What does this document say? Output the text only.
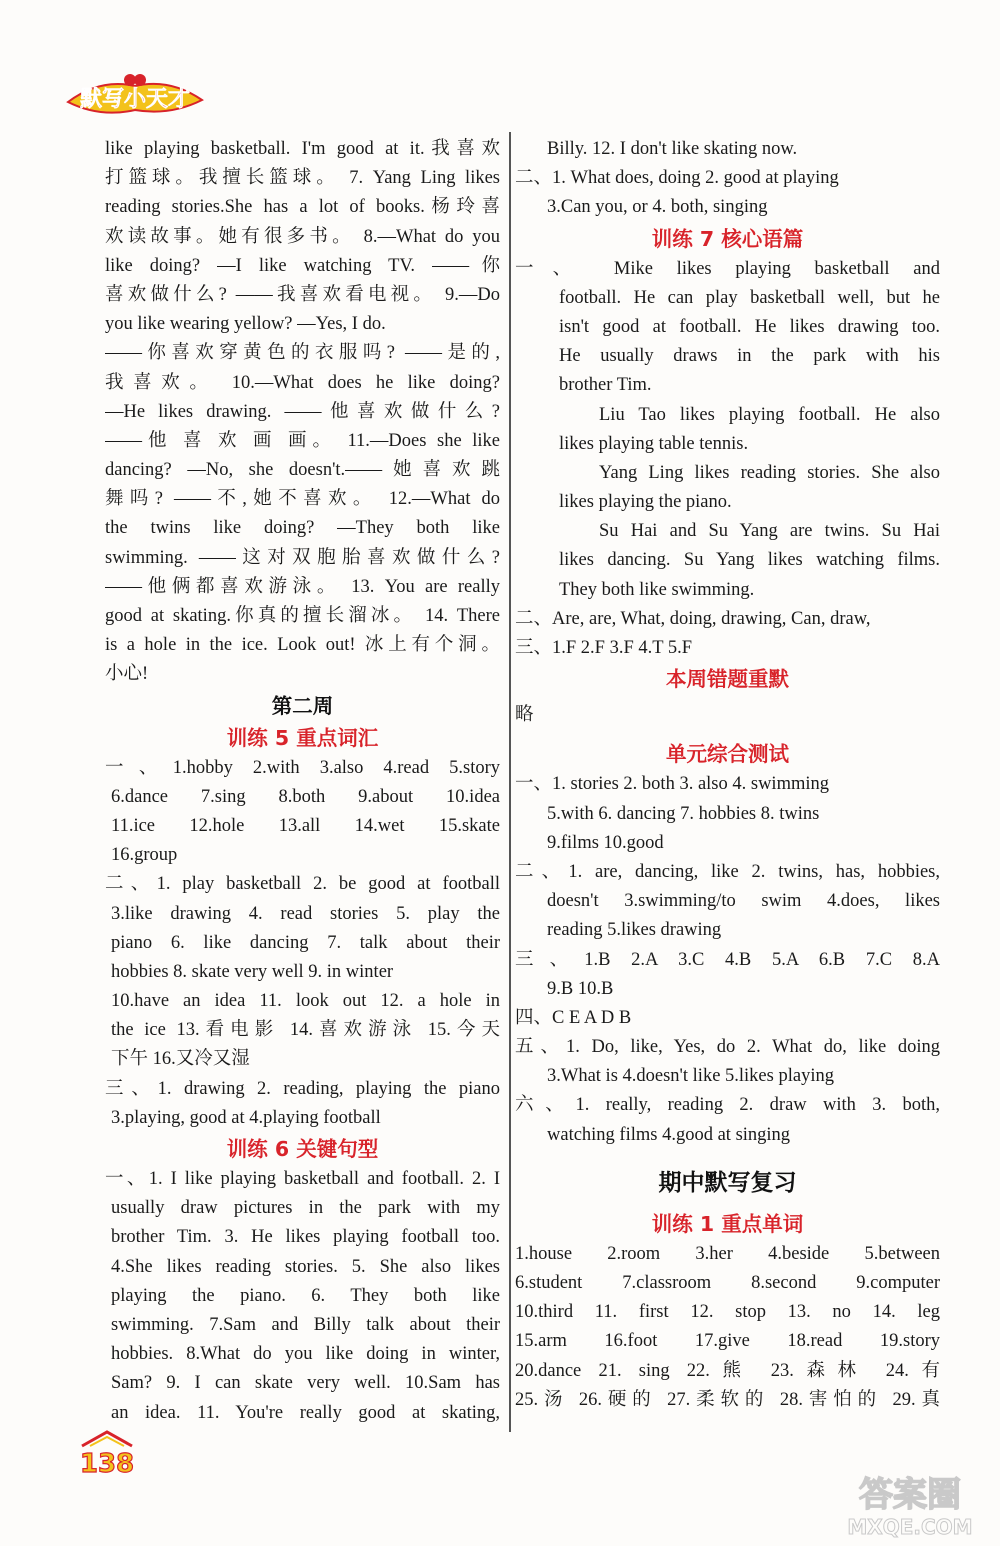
默写小天才
like playing basketball. I'm good at it.我喜欢
打篮球。我擅长篮球。 7. Yang Ling likes
reading stories.She has a lot of books.杨玲喜
欢读故事。她有很多书。 8.—What do you
like doing? —I like watching TV. ——你
喜欢做什么? ——我喜欢看电视。 9.—Do
you like wearing yellow? —Yes, I do.
——你喜欢穿黄色的衣服吗? ——是的,
我喜欢。 10.—What does he like doing?
—He likes drawing. ——他喜欢做什么?
——他 喜 欢 画 画。 11.—Does she like
dancing? —No, she doesn't.——她喜欢跳
舞吗? ——不,她不喜欢。 12.—What do
the twins like doing? —They both like
swimming. ——这对双胞胎喜欢做什么?
——他俩都喜欢游泳。 13. You are really
good at skating.你真的擅长溜冰。 14. There
is a hole in the ice. Look out! 冰上有个洞。
小心!
第二周
训练 5 重点词汇
一、1.hobby 2.with 3.also 4.read 5.story
6.dance 7.sing 8.both 9.about 10.idea
11.ice 12.hole 13.all 14.wet 15.skate
16.group
二、1. play basketball 2. be good at football
3.like drawing 4. read stories 5. play the
piano 6. like dancing 7. talk about their
hobbies 8. skate very well 9. in winter
10.have an idea 11. look out 12. a hole in
the ice 13.看电影 14.喜欢游泳 15.今天
下午 16.又冷又湿
三、1. drawing 2. reading, playing the piano
3.playing, good at 4.playing football
训练 6 关键句型
一、1. I like playing basketball and football. 2. I
usually draw pictures in the park with my
brother Tim. 3. He likes playing football too.
4.She likes reading stories. 5. She also likes
playing the piano. 6. They both like
swimming. 7.Sam and Billy talk about their
hobbies. 8.What do you like doing in winter,
Sam? 9. I can skate very well. 10.Sam has
an idea. 11. You're really good at skating,
Billy. 12. I don't like skating now.
二、1. What does, doing 2. good at playing
3.Can you, or 4. both, singing
训练 7 核心语篇
一、 Mike likes playing basketball and
football. He can play basketball well, but he
isn't good at football. He likes drawing too.
He usually draws in the park with his
brother Tim.
Liu Tao likes playing football. He also
likes playing table tennis.
Yang Ling likes reading stories. She also
likes playing the piano.
Su Hai and Su Yang are twins. Su Hai
likes dancing. Su Yang likes watching films.
They both like swimming.
二、Are, are, What, doing, drawing, Can, draw,
三、1.F 2.F 3.F 4.T 5.F
本周错题重默
略
单元综合测试
一、1. stories 2. both 3. also 4. swimming
5.with 6. dancing 7. hobbies 8. twins
9.films 10.good
二、1. are, dancing, like 2. twins, has, hobbies,
doesn't 3.swimming/to swim 4.does, likes
reading 5.likes drawing
三、1.B 2.A 3.C 4.B 5.A 6.B 7.C 8.A
9.B 10.B
四、C E A D B
五、1. Do, like, Yes, do 2. What do, like doing
3.What is 4.doesn't like 5.likes playing
六、1. really, reading 2. draw with 3. both,
watching films 4.good at singing
期中默写复习
训练 1 重点单词
1.house 2.room 3.her 4.beside 5.between
6.student 7.classroom 8.second 9.computer
10.third 11. first 12. stop 13. no 14. leg
15.arm 16.foot 17.give 18.read 19.story
20.dance 21. sing 22.熊 23.森林 24.有
25.汤 26.硬的 27.柔软的 28.害怕的 29.真
138
答案圈
MXQE.COM
